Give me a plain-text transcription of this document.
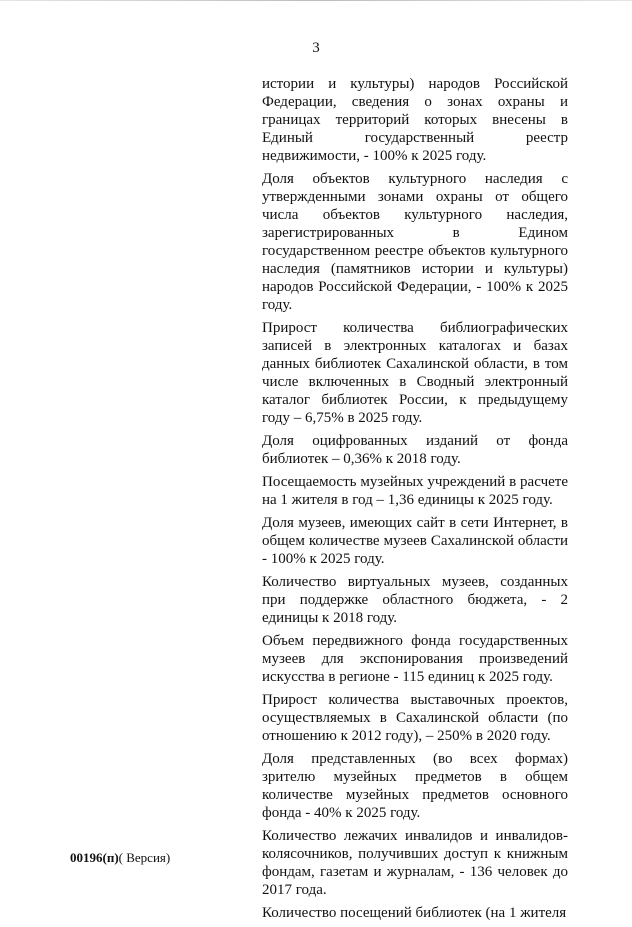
3

истории и культуры) народов Российской Федерации, сведения о зонах охраны и границах территорий которых внесены в Единый государственный реестр недвижимости, - 100% к 2025 году.

Доля объектов культурного наследия с утвержденными зонами охраны от общего числа объектов культурного наследия, зарегистрированных в Едином государственном реестре объектов культурного наследия (памятников истории и культуры) народов Российской Федерации, - 100% к 2025 году.

Прирост количества библиографических записей в электронных каталогах и базах данных библиотек Сахалинской области, в том числе включенных в Сводный электронный каталог библиотек России, к предыдущему году – 6,75% в 2025 году.

Доля оцифрованных изданий от фонда библиотек – 0,36% к 2018 году.

Посещаемость музейных учреждений в расчете на 1 жителя в год – 1,36 единицы к 2025 году.

Доля музеев, имеющих сайт в сети Интернет, в общем количестве музеев Сахалинской области - 100% к 2025 году.

Количество виртуальных музеев, созданных при поддержке областного бюджета, - 2 единицы к 2018 году.

Объем передвижного фонда государственных музеев для экспонирования произведений искусства в регионе - 115 единиц к 2025 году.

Прирост количества выставочных проектов, осуществляемых в Сахалинской области (по отношению к 2012 году), – 250% в 2020 году.

Доля представленных (во всех формах) зрителю музейных предметов в общем количестве музейных предметов основного фонда - 40% к 2025 году.

Количество лежачих инвалидов и инвалидов-колясочников, получивших доступ к книжным фондам, газетам и журналам, - 136 человек до 2017 года.

Количество посещений библиотек (на 1 жителя

00196(п)( Версия)
